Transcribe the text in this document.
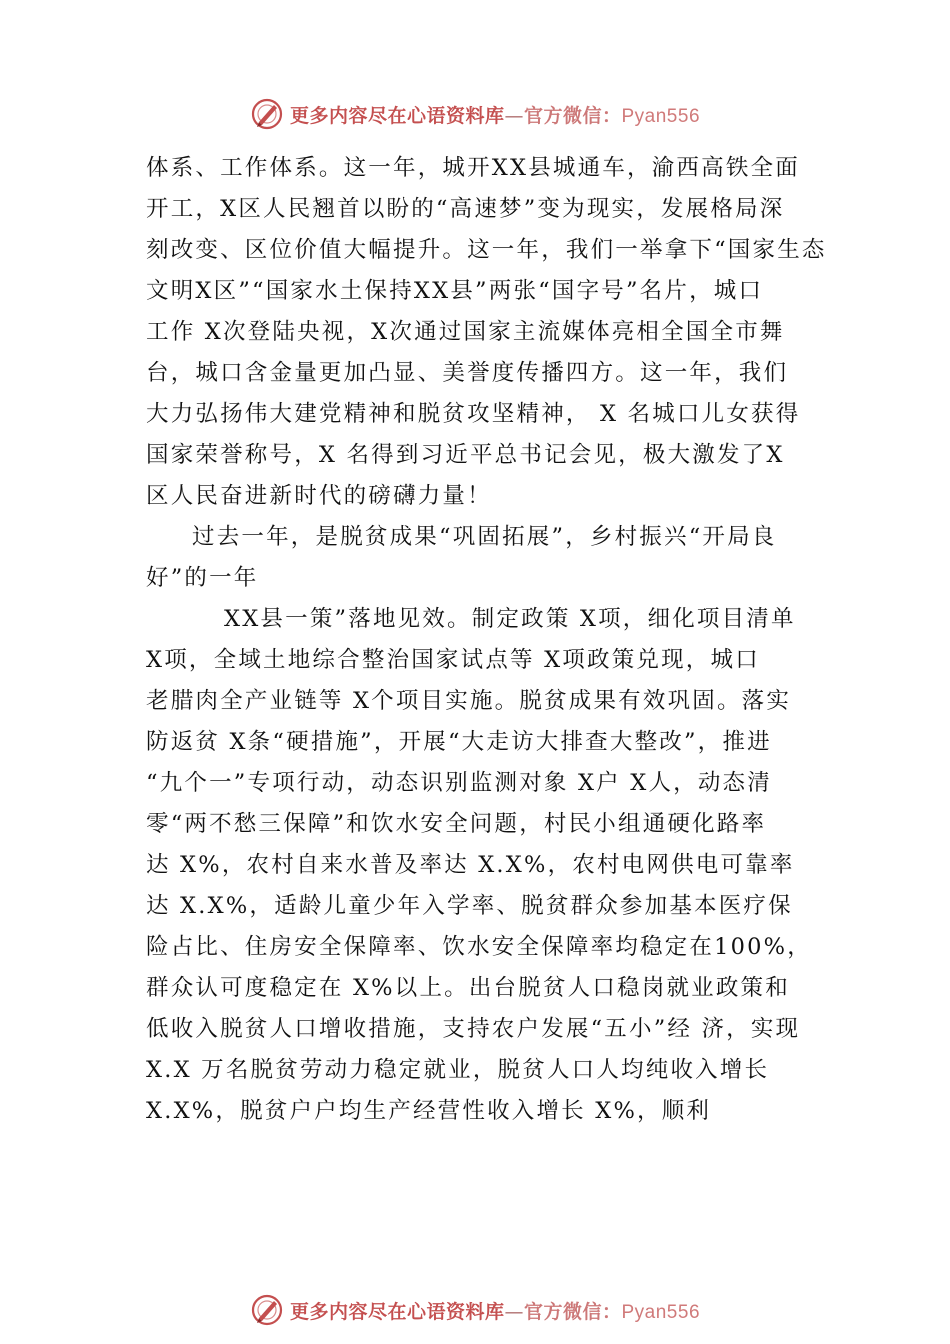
更多内容尽在心语资料库—官方微信：Pyan556
体系、工作体系。这一年，城开XX县城通车，渝西高铁全面
开工，X区人民翘首以盼的“高速梦”变为现实，发展格局深
刻改变、区位价值大幅提升。这一年，我们一举拿下“国家生态
文明X区”“国家水土保持XX县”两张“国字号”名片，城口
工作 X次登陆央视，X次通过国家主流媒体亮相全国全市舞
台，城口含金量更加凸显、美誉度传播四方。这一年，我们
大力弘扬伟大建党精神和脱贫攻坚精神， X 名城口儿女获得
国家荣誉称号，X 名得到习近平总书记会见，极大激发了X
区人民奋进新时代的磅礴力量！
过去一年，是脱贫成果“巩固拓展”，乡村振兴“开局良
好”的一年
XX县一策”落地见效。制定政策 X项，细化项目清单
X项，全域土地综合整治国家试点等 X项政策兑现，城口
老腊肉全产业链等 X个项目实施。脱贫成果有效巩固。落实
防返贫 X条“硬措施”，开展“大走访大排查大整改”，推进
“九个一”专项行动，动态识别监测对象 X户 X人，动态清
零“两不愁三保障”和饮水安全问题，村民小组通硬化路率
达 X%，农村自来水普及率达 X.X%，农村电网供电可靠率
达 X.X%，适龄儿童少年入学率、脱贫群众参加基本医疗保
险占比、住房安全保障率、饮水安全保障率均稳定在100%，
群众认可度稳定在 X%以上。出台脱贫人口稳岗就业政策和
低收入脱贫人口增收措施，支持农户发展“五小”经 济，实现
X.X 万名脱贫劳动力稳定就业，脱贫人口人均纯收入增长
X.X%，脱贫户户均生产经营性收入增长 X%，顺利
更多内容尽在心语资料库—官方微信：Pyan556
